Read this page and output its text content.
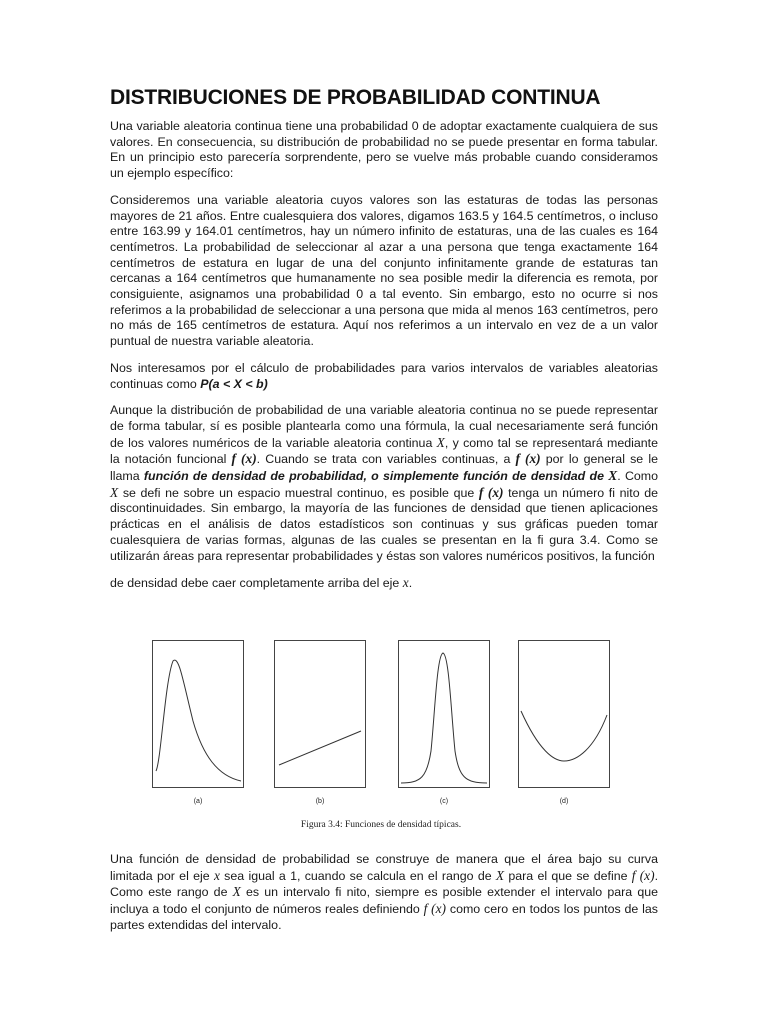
DISTRIBUCIONES DE PROBABILIDAD CONTINUA

Una variable aleatoria continua tiene una probabilidad 0 de adoptar exactamente cualquiera de sus valores. En consecuencia, su distribución de probabilidad no se puede presentar en forma tabular. En un principio esto parecería sorprendente, pero se vuelve más probable cuando consideramos un ejemplo específico:

Consideremos una variable aleatoria cuyos valores son las estaturas de todas las personas mayores de 21 años. Entre cualesquiera dos valores, digamos 163.5 y 164.5 centímetros, o incluso entre 163.99 y 164.01 centímetros, hay un número infinito de estaturas, una de las cuales es 164 centímetros. La probabilidad de seleccionar al azar a una persona que tenga exactamente 164 centímetros de estatura en lugar de una del conjunto infinitamente grande de estaturas tan cercanas a 164 centímetros que humanamente no sea posible medir la diferencia es remota, por consiguiente, asignamos una probabilidad 0 a tal evento. Sin embargo, esto no ocurre si nos referimos a la probabilidad de seleccionar a una persona que mida al menos 163 centímetros, pero no más de 165 centímetros de estatura. Aquí nos referimos a un intervalo en vez de a un valor puntual de nuestra variable aleatoria.

Nos interesamos por el cálculo de probabilidades para varios intervalos de variables aleatorias continuas como P(a < X < b)

Aunque la distribución de probabilidad de una variable aleatoria continua no se puede representar de forma tabular, sí es posible plantearla como una fórmula, la cual necesariamente será función de los valores numéricos de la variable aleatoria continua X, y como tal se representará mediante la notación funcional f (x). Cuando se trata con variables continuas, a f (x) por lo general se le llama función de densidad de probabilidad, o simplemente función de densidad de X. Como X se defi ne sobre un espacio muestral continuo, es posible que f (x) tenga un número fi nito de discontinuidades. Sin embargo, la mayoría de las funciones de densidad que tienen aplicaciones prácticas en el análisis de datos estadísticos son continuas y sus gráficas pueden tomar cualesquiera de varias formas, algunas de las cuales se presentan en la fi gura 3.4. Como se utilizarán áreas para representar probabilidades y éstas son valores numéricos positivos, la función

de densidad debe caer completamente arriba del eje x.

(a)	(b)	(c)	(d)
Figura 3.4: Funciones de densidad típicas.

Una función de densidad de probabilidad se construye de manera que el área bajo su curva limitada por el eje x sea igual a 1, cuando se calcula en el rango de X para el que se define f (x). Como este rango de X es un intervalo fi nito, siempre es posible extender el intervalo para que incluya a todo el conjunto de números reales definiendo f (x) como cero en todos los puntos de las partes extendidas del intervalo.
